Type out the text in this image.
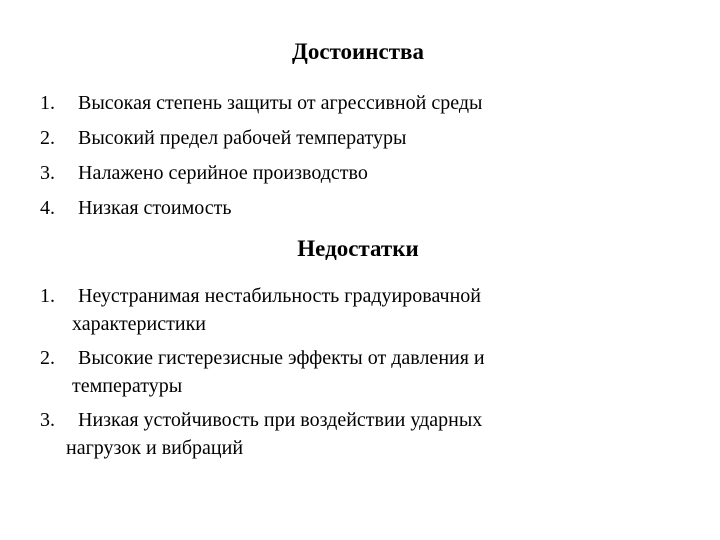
Достоинства
1. Высокая степень защиты от агрессивной среды
2. Высокий предел рабочей температуры
3. Налажено серийное производство
4. Низкая стоимость
Недостатки
1. Неустранимая нестабильность градуировачной
характеристики
2. Высокие гистерезисные эффекты от давления и
температуры
3. Низкая устойчивость при воздействии ударных
нагрузок и вибраций
